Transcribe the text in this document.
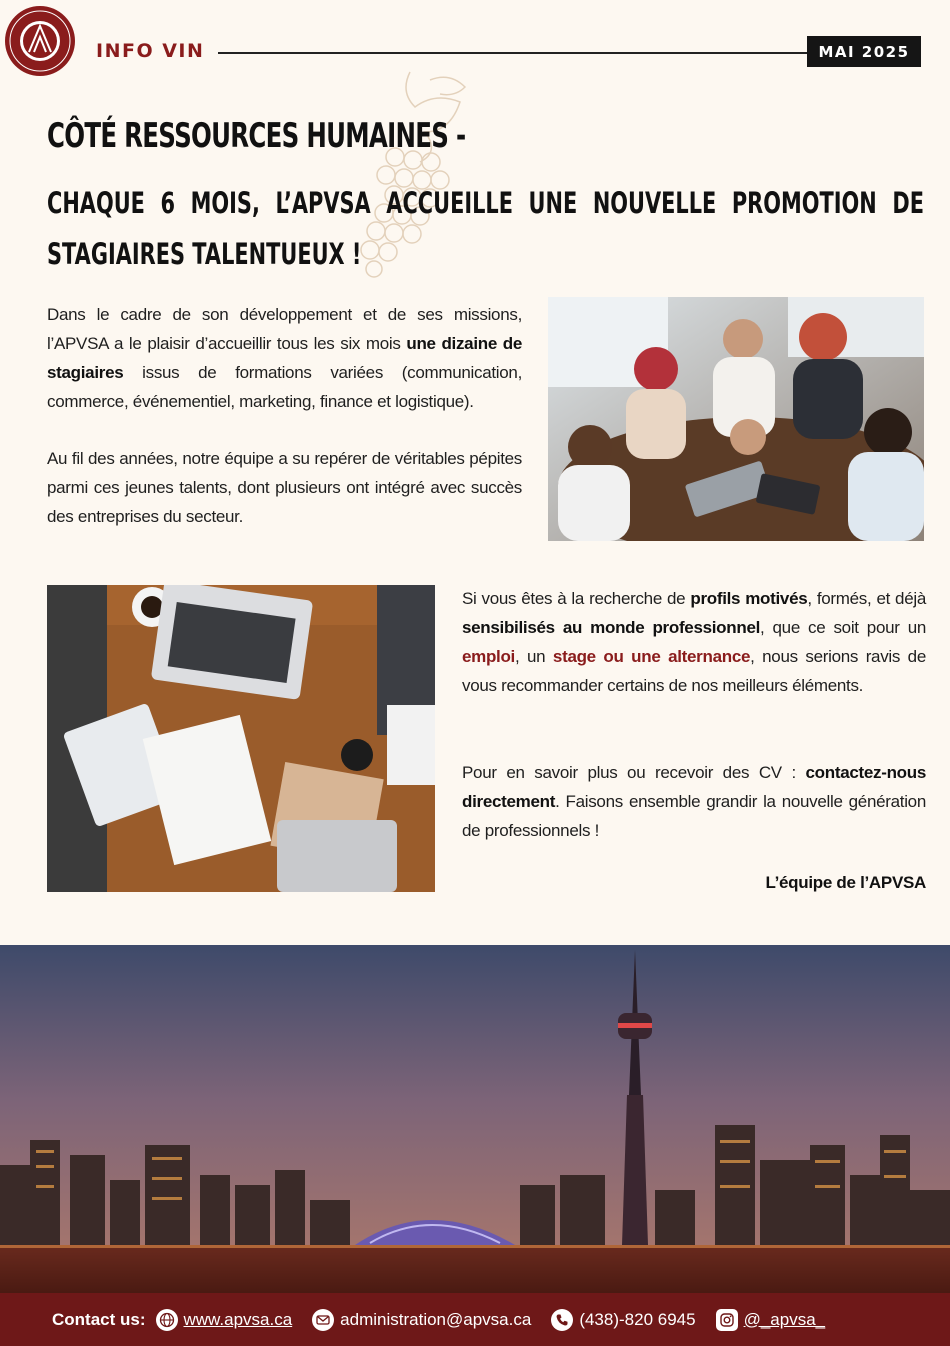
INFO VIN	MAI 2025
CÔTÉ RESSOURCES HUMAINES -
CHAQUE 6 MOIS, L’APVSA ACCUEILLE UNE NOUVELLE PROMOTION DE STAGIAIRES TALENTUEUX !
Dans le cadre de son développement et de ses missions, l’APVSA a le plaisir d’accueillir tous les six mois une dizaine de stagiaires issus de formations variées (communication, commerce, événementiel, marketing, finance et logistique).
Au fil des années, notre équipe a su repérer de véritables pépites parmi ces jeunes talents, dont plusieurs ont intégré avec succès des entreprises du secteur.
Si vous êtes à la recherche de profils motivés, formés, et déjà sensibilisés au monde professionnel, que ce soit pour un emploi, un stage ou une alternance, nous serions ravis de vous recommander certains de nos meilleurs éléments.
Pour en savoir plus ou recevoir des CV : contactez-nous directement. Faisons ensemble grandir la nouvelle génération de professionnels !
L’équipe de l’APVSA
Contact us: www.apvsa.ca	administration@apvsa.ca	(438)-820 6945	@_apvsa_
